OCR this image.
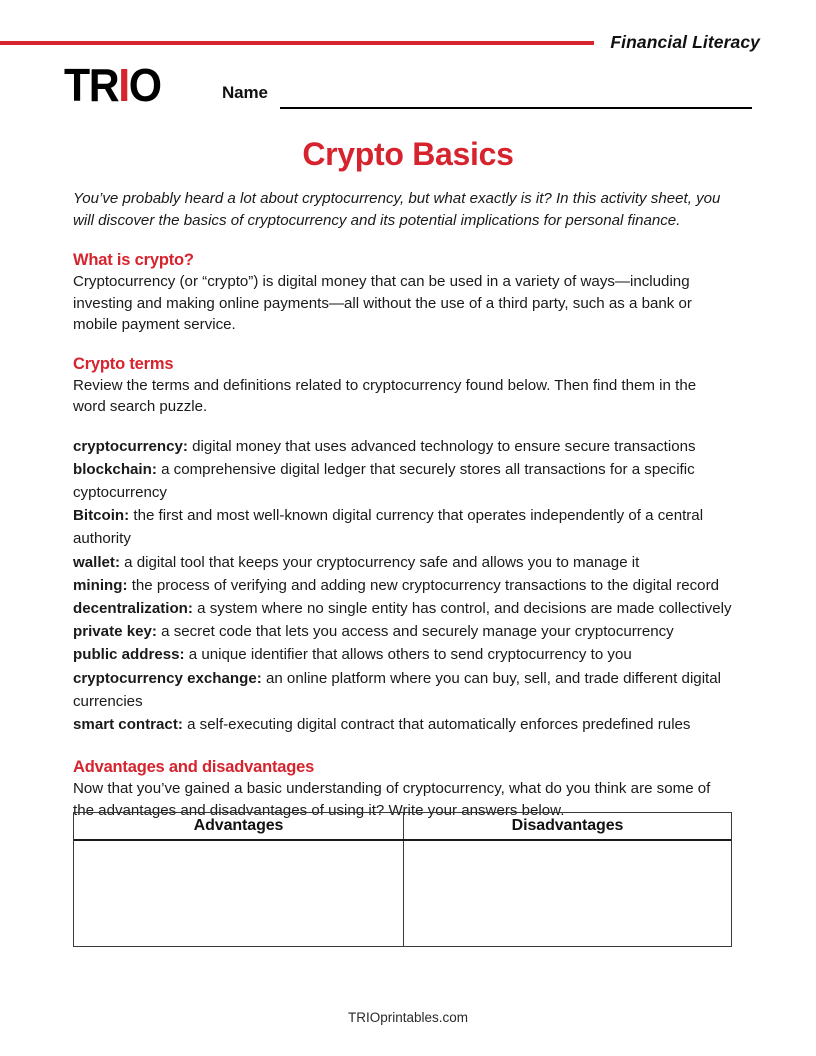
Financial Literacy
TRIO	Name
Crypto Basics

You’ve probably heard a lot about cryptocurrency, but what exactly is it? In this activity sheet, you will discover the basics of cryptocurrency and its potential implications for personal finance.

What is crypto?

Cryptocurrency (or “crypto”) is digital money that can be used in a variety of ways—including investing and making online payments—all without the use of a third party, such as a bank or mobile payment service.

Crypto terms

Review the terms and definitions related to cryptocurrency found below. Then find them in the word search puzzle.

cryptocurrency: digital money that uses advanced technology to ensure secure transactions

blockchain: a comprehensive digital ledger that securely stores all transactions for a specific cyptocurrency

Bitcoin: the first and most well-known digital currency that operates independently of a central authority

wallet: a digital tool that keeps your cryptocurrency safe and allows you to manage it

mining: the process of verifying and adding new cryptocurrency transactions to the digital record

decentralization: a system where no single entity has control, and decisions are made collectively

private key: a secret code that lets you access and securely manage your cryptocurrency

public address: a unique identifier that allows others to send cryptocurrency to you

cryptocurrency exchange: an online platform where you can buy, sell, and trade different digital currencies

smart contract: a self-executing digital contract that automatically enforces predefined rules

Advantages and disadvantages

Now that you’ve gained a basic understanding of cryptocurrency, what do you think are some of the advantages and disadvantages of using it? Write your answers below.

Advantages	Disadvantages
TRIOprintables.com
